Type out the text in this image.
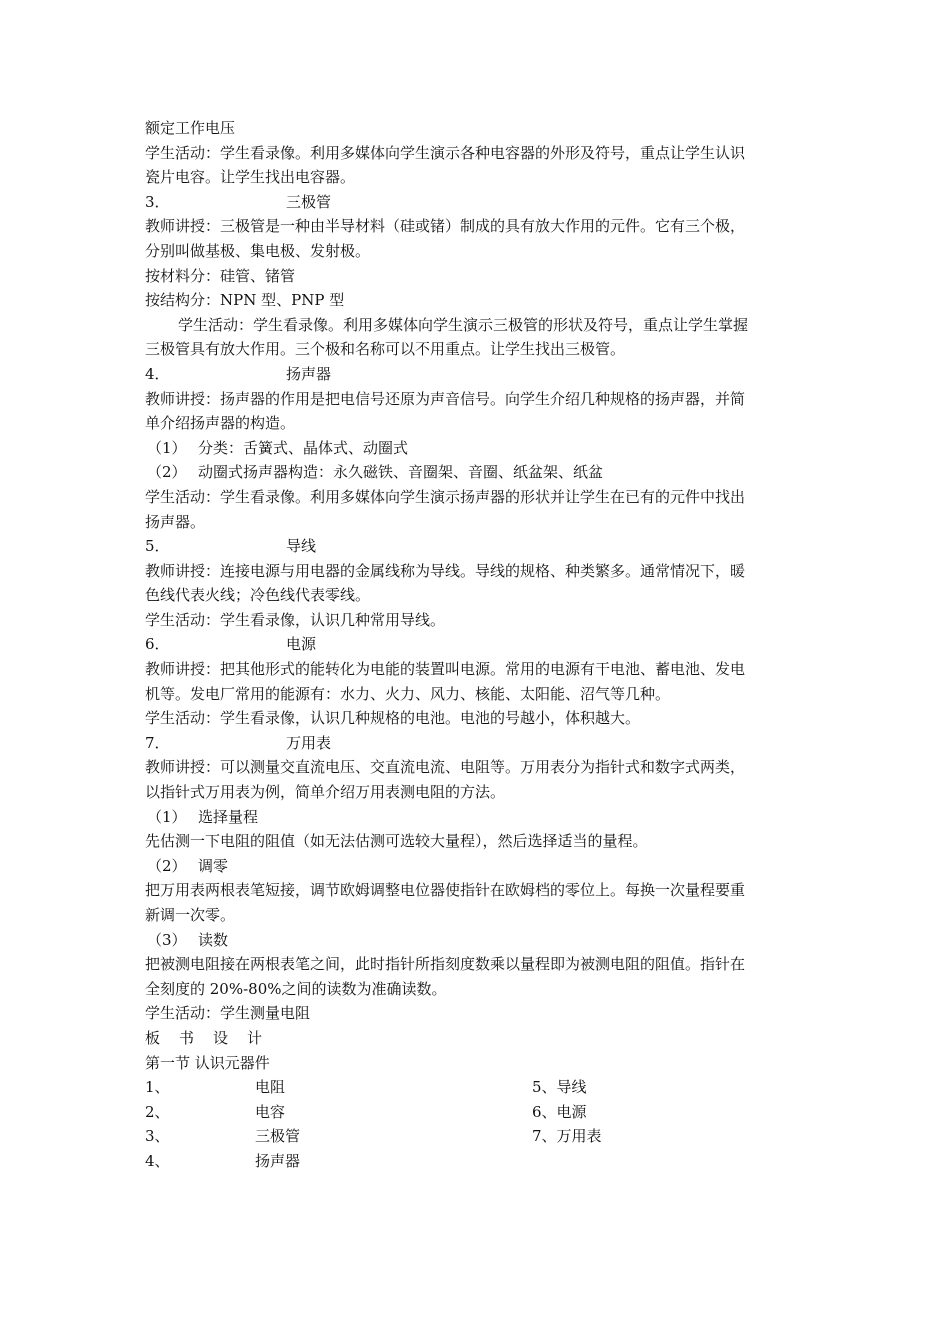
额定工作电压
学生活动：学生看录像。利用多媒体向学生演示各种电容器的外形及符号，重点让学生认识
瓷片电容。让学生找出电容器。
3．	三极管
教师讲授：三极管是一种由半导材料（硅或锗）制成的具有放大作用的元件。它有三个极，
分别叫做基极、集电极、发射极。
按材料分：硅管、锗管
按结构分：NPN 型、PNP 型
学生活动：学生看录像。利用多媒体向学生演示三极管的形状及符号，重点让学生掌握
三极管具有放大作用。三个极和名称可以不用重点。让学生找出三极管。
4．	扬声器
教师讲授：扬声器的作用是把电信号还原为声音信号。向学生介绍几种规格的扬声器，并简
单介绍扬声器的构造。
（1） 分类：舌簧式、晶体式、动圈式
（2） 动圈式扬声器构造：永久磁铁、音圈架、音圈、纸盆架、纸盆
学生活动：学生看录像。利用多媒体向学生演示扬声器的形状并让学生在已有的元件中找出
扬声器。
5．	导线
教师讲授：连接电源与用电器的金属线称为导线。导线的规格、种类繁多。通常情况下，暖
色线代表火线；冷色线代表零线。
学生活动：学生看录像，认识几种常用导线。
6．	电源
教师讲授：把其他形式的能转化为电能的装置叫电源。常用的电源有干电池、蓄电池、发电
机等。发电厂常用的能源有：水力、火力、风力、核能、太阳能、沼气等几种。
学生活动：学生看录像，认识几种规格的电池。电池的号越小，体积越大。
7．	万用表
教师讲授：可以测量交直流电压、交直流电流、电阻等。万用表分为指针式和数字式两类，
以指针式万用表为例，简单介绍万用表测电阻的方法。
（1） 选择量程
先估测一下电阻的阻值（如无法估测可选较大量程），然后选择适当的量程。
（2） 调零
把万用表两根表笔短接，调节欧姆调整电位器使指针在欧姆档的零位上。每换一次量程要重
新调一次零。
（3） 读数
把被测电阻接在两根表笔之间，此时指针所指刻度数乘以量程即为被测电阻的阻值。指针在
全刻度的 20%-80%之间的读数为准确读数。
学生活动：学生测量电阻
板 书 设 计
第一节 认识元器件
1、	电阻	5、导线
2、	电容	6、电源
3、	三极管	7、万用表
4、	扬声器
